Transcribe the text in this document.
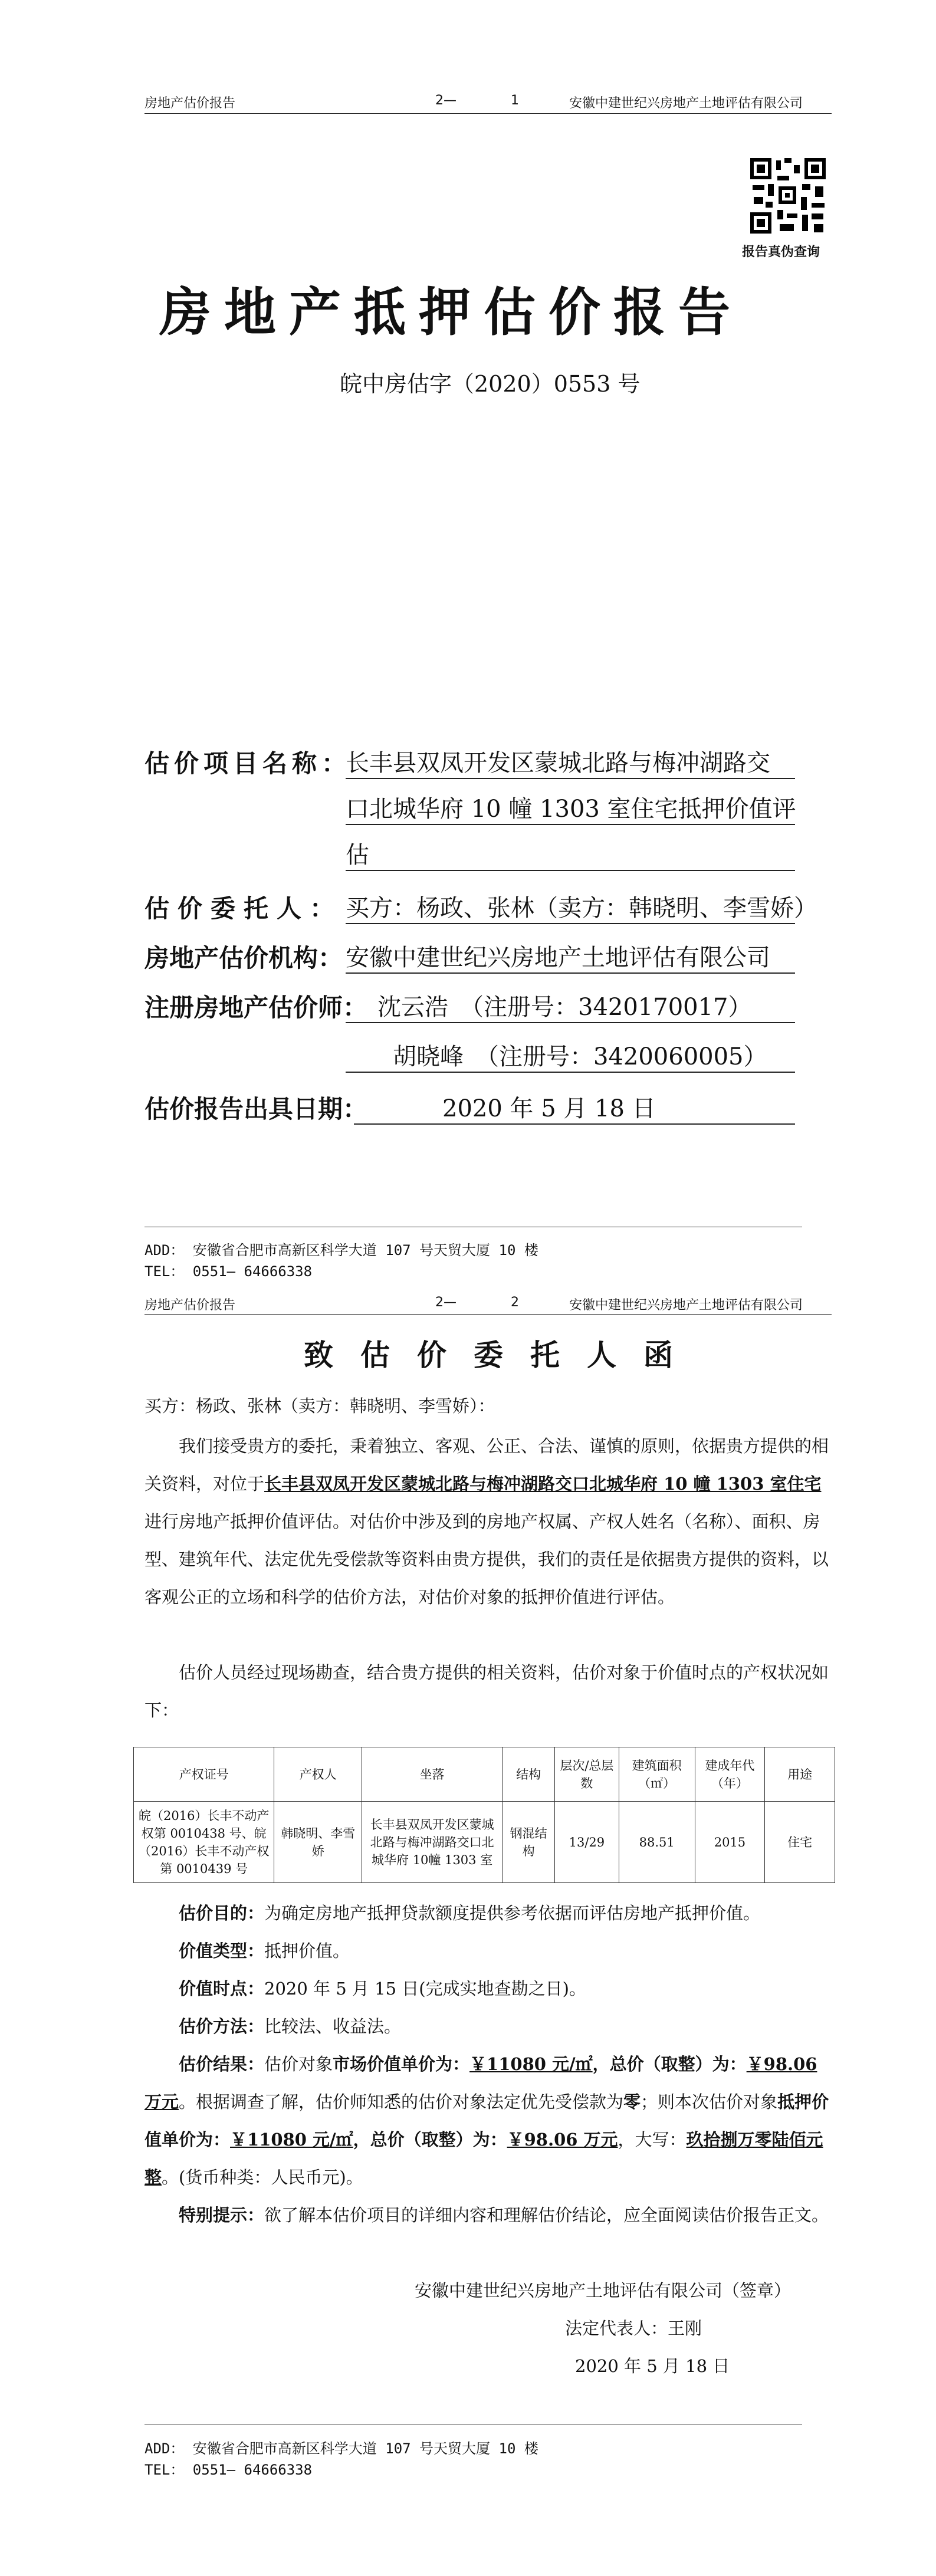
房地产估价报告	2—	1	安徽中建世纪兴房地产土地评估有限公司
报告真伪查询
房地产抵押估价报告
皖中房估字（2020）0553 号
估价项目名称：
长丰县双凤开发区蒙城北路与梅冲湖路交
口北城华府 10 幢 1303 室住宅抵押价值评
估
估价委托人： 买方：杨政、张林（卖方：韩晓明、李雪娇）
房地产估价机构： 安徽中建世纪兴房地产土地评估有限公司
注册房地产估价师： 沈云浩　（注册号：3420170017）
胡晓峰　（注册号：3420060005）
估价报告出具日期：	2020 年 5 月 18 日
ADD： 安徽省合肥市高新区科学大道 107 号天贸大厦 10 楼
TEL： 0551— 64666338
房地产估价报告	2—	2	安徽中建世纪兴房地产土地评估有限公司
致估价委托人函
买方：杨政、张林（卖方：韩晓明、李雪娇）：
我们接受贵方的委托，秉着独立、客观、公正、合法、谨慎的原则，依据贵方提供的相关资料，对位于长丰县双凤开发区蒙城北路与梅冲湖路交口北城华府 10 幢 1303 室住宅进行房地产抵押价值评估。对估价中涉及到的房地产权属、产权人姓名（名称）、面积、房型、建筑年代、法定优先受偿款等资料由贵方提供，我们的责任是依据贵方提供的资料，以客观公正的立场和科学的估价方法，对估价对象的抵押价值进行评估。
估价人员经过现场勘查，结合贵方提供的相关资料，估价对象于价值时点的产权状况如下：
产权证号	产权人	坐落	结构	层次/总层数	建筑面积（㎡）	建成年代（年）	用途
皖（2016）长丰不动产权第 0010438 号、皖（2016）长丰不动产权第 0010439 号	韩晓明、李雪娇	长丰县双凤开发区蒙城北路与梅冲湖路交口北城华府 10幢 1303 室	钢混结构	13/29	88.51	2015	住宅
估价目的：为确定房地产抵押贷款额度提供参考依据而评估房地产抵押价值。
价值类型：抵押价值。
价值时点：2020 年 5 月 15 日(完成实地查勘之日)。
估价方法：比较法、收益法。
估价结果：估价对象市场价值单价为：￥11080 元/㎡，总价（取整）为：￥98.06 万元。根据调查了解，估价师知悉的估价对象法定优先受偿款为零；则本次估价对象抵押价值单价为：￥11080 元/㎡，总价（取整）为：￥98.06 万元，大写：玖拾捌万零陆佰元整。(货币种类：人民币元)。
特别提示：欲了解本估价项目的详细内容和理解估价结论，应全面阅读估价报告正文。
安徽中建世纪兴房地产土地评估有限公司（签章）
法定代表人：王刚
2020 年 5 月 18 日
ADD： 安徽省合肥市高新区科学大道 107 号天贸大厦 10 楼
TEL： 0551— 64666338
